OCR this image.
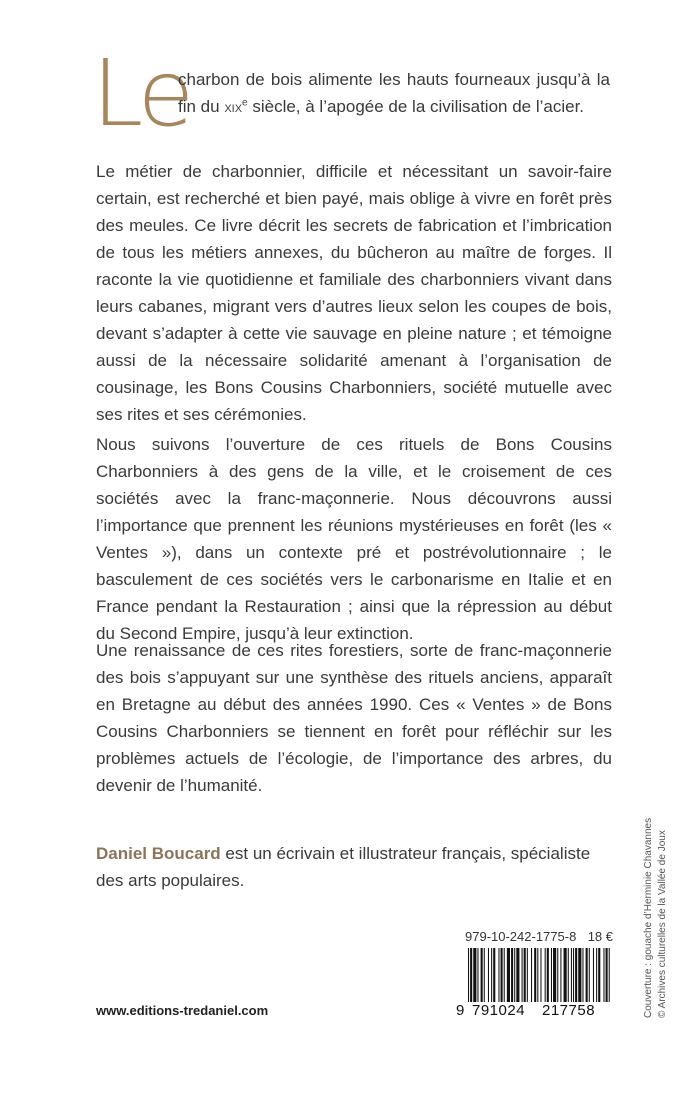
Le
charbon de bois alimente les hauts fourneaux jusqu’à la fin du XIXe siècle, à l’apogée de la civilisation de l’acier.
Le métier de charbonnier, difficile et nécessitant un savoir-faire certain, est recherché et bien payé, mais oblige à vivre en forêt près des meules. Ce livre décrit les secrets de fabrication et l’imbrication de tous les métiers annexes, du bûcheron au maître de forges. Il raconte la vie quotidienne et familiale des charbonniers vivant dans leurs cabanes, migrant vers d’autres lieux selon les coupes de bois, devant s’adapter à cette vie sauvage en pleine nature ; et témoigne aussi de la nécessaire solidarité amenant à l’organisation de cousinage, les Bons Cousins Charbonniers, société mutuelle avec ses rites et ses cérémonies.
Nous suivons l’ouverture de ces rituels de Bons Cousins Charbonniers à des gens de la ville, et le croisement de ces sociétés avec la franc-maçonnerie. Nous découvrons aussi l’importance que prennent les réunions mystérieuses en forêt (les « Ventes »), dans un contexte pré et postrévolutionnaire ; le basculement de ces sociétés vers le carbonarisme en Italie et en France pendant la Restauration ; ainsi que la répression au début du Second Empire, jusqu’à leur extinction.
Une renaissance de ces rites forestiers, sorte de franc-maçonnerie des bois s’appuyant sur une synthèse des rituels anciens, apparaît en Bretagne au début des années 1990. Ces « Ventes » de Bons Cousins Charbonniers se tiennent en forêt pour réfléchir sur les problèmes actuels de l’écologie, de l’importance des arbres, du devenir de l’humanité.
Daniel Boucard est un écrivain et illustrateur français, spécialiste des arts populaires.
979-10-242-1775-8 18 €
9 791024 217758
www.editions-tredaniel.com	Couverture : gouache d’Herminie Chavannes © Archives culturelles de la Vallée de Joux
